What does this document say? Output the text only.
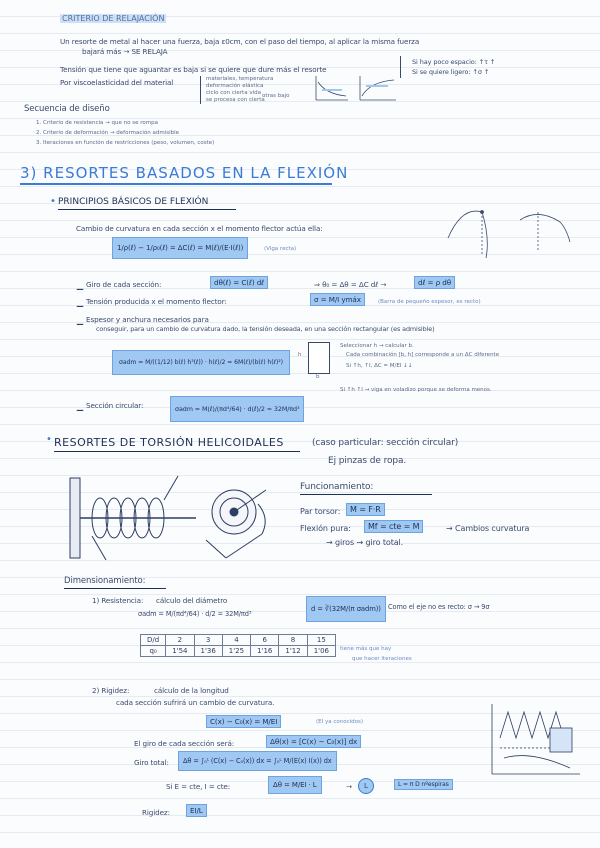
CRITERIO DE RELAJACIÓN
Un resorte de metal al hacer una fuerza, baja ε0cm, con el paso del tiempo, al aplicar la misma fuerza
bajará más → SE RELAJA
Tensión que tiene que aguantar es baja si se quiere que dure más el resorte
Si hay poco espacio: ↑τ ↑
Si se quiere ligero: ↑σ ↑
Por viscoelasticidad del material	materiales, temperatura
deformación elástica
ciclo con cierta vida
se procesa con cierta
otras bajo
Secuencia de diseño
1. Criterio de resistencia → que no se rompa
2. Criterio de deformación → deformación admisible
3. Iteraciones en función de restricciones (peso, volumen, coste)
3) RESORTES BASADOS EN LA FLEXIÓN
• PRINCIPIOS BÁSICOS DE FLEXIÓN
Cambio de curvatura en cada sección x el momento flector actúa ella:
1/ρ(ℓ) − 1/ρ₀(ℓ) = ΔC(ℓ) = M(ℓ)/(E·I(ℓ))	(Viga recta)
– Giro de cada sección:	dθ(ℓ) = C(ℓ) dℓ	⇒ θ₀ = Δθ = ΔC dℓ →	dℓ = ρ dθ
– Tensión producida x el momento flector:	σ = M/I ymáx	(Barra de pequeño espesor, es recto)
– Espesor y anchura necesarios para
conseguir, para un cambio de curvatura dado, la tensión deseada, en una sección rectangular (es admisible)
σadm = M/((1/12) b(ℓ) h³(ℓ)) · h(ℓ)/2 = 6M(ℓ)/(b(ℓ) h(ℓ)²)
h
b
Seleccionar h → calcular b.
Cada combinación [b, h] corresponde a un ΔC diferente
Si ↑h, ↑I, ΔC = M/EI ↓↓
Si ↑h ↑I → viga en voladizo porque se deforma menos.
– Sección circular:	σadm = M(ℓ)/(πd⁴/64) · d(ℓ)/2 = 32M/πd³
• RESORTES DE TORSIÓN HELICOIDALES	(caso particular: sección circular)
Ej pinzas de ropa.
Funcionamiento:
Par torsor:	M = F·R
Flexión pura:	Mf = cte = M	→ Cambios curvatura
→ giros → giro total.
Dimensionamiento:
1) Resistencia: cálculo del diámetro
σadm = M/(πd⁴/64) · d/2 = 32M/πd³
d = ∛(32M/(π σadm))	Como el eje no es recto: σ → 9σ
D/d	2	3	4	6	8	15
q₀	1'54	1'36	1'25	1'16	1'12	1'06 tiene más que hay
que hacer iteraciones
2) Rigidez:	cálculo de la longitud
cada sección sufrirá un cambio de curvatura.
C(x) − C₀(x) = M/EI	(EI ya conocidos)
El giro de cada sección será:	Δθ(x) = [C(x) − C₀(x)] dx
Giro total:	Δθ = ∫₀ᴸ (C(x) − C₀(x)) dx = ∫₀ᴸ M/(E(x) I(x)) dx
Si E = cte, I = cte:	Δθ = M/EI · L	→	L	L = π D nºespiras
Rigidez:	EI/L
